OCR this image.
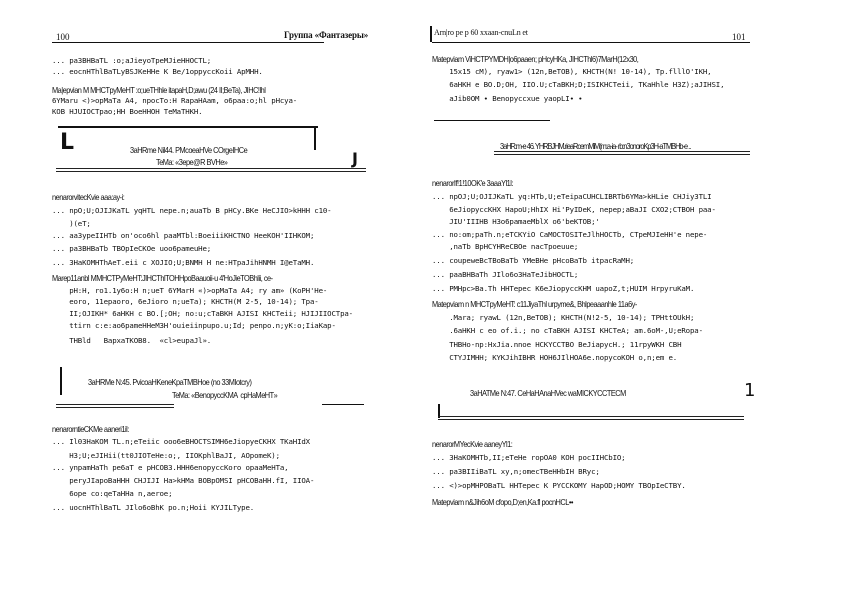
100	Группа «Фантазеры»
... pa3BHBaTL :o;aJieyoTpeMJieHHOCTL;
... eocnHThlBaTLyBSJKeHHe K Be/1oppyccKoii ApMHH.
Ma|epvian M MHCTpyMeHT :o;ueTHhle itapaH,D;awu (24 II;BeTa), JIHC!lhl
6YMaru <)>opMaTa A4, npocTo:H RapaHAam, o6paa:o;hl pHcya-
KOB HJUIOCTpao;HH BoeHHOH TeMaTHKH.
L
J
3aHRme Nil44. PMcoeaHVe COrgeIHCe
TeMa: «3epe@R BVHe»
nenarorvitecKvie aaa:ay-i:
... npO;U;OJIJKaTL yqHTL nepe.n;auaTb B pHCy.BKe HeCJIO>kHHH c10-
)(eT;
... aa3ypeIIHTb on'oco6hl paaMTbl:BoeiiiKHCTNO HeeKOH'IIHKOM;
... pa3BHBaTb TBOpIeCKOe uoo6pameuHe;
... 3HaKOMHThAeT.eii c XOJIO;U;BNMH H ne:HTpaJihHNMH I@eTaMH.
Marep11anbl MMHCTPyMeHT:JIHCThlTOHHpoBaauoii-u 4'HoJieTOBhlii, ce-
pH:H, ro1.1y6o:H n;ueT 6YMarH «)>opMaTa A4; ry am» (KoPH'He-
eoro, 11epaoro, 6eJioro n;ueTa); KHCTH(M 2-5, 10-14); Tpa-
II;OJIKH* 6aHKH c BO.[;OH; no:u;cTaBKH AJISI KHCTeii; HJIJIIOCTpa-
ttirn c:e:ao6pameHHeM3H'ouieiinpupo.u;Id; penpo.n;yK:o;IiaKap-
THBld   BapxaTKOB8.  «cl>eupaJl».
3aHRMe N:45. PvicoaHKeneKpaTMBHoe (no 33MIotcry)
TeMa: «BenopyccKMA  cpHaMeHT»
nenarorntieCKMe aaneri1il:
... Il03HaKOM TL.n;eTeiic ooo6eBHOCTSIMH6eJiopyeCKHX TKaHIdX
H3;U;eJIHii(tt0JIOTeHe:o;, IIOKphlBaJI, AOpomeK);
... ynpamHaTh pe6aT e pHCOB3.HHH6enopyccKoro opaaMeHTa,
peryJIapoBaHHH CHJIJI Ha>kHMa BOBpOMSI pHCOBaHH.fI, IIOA-
6ope co:qeTaHHa n,aeroe;
... uocnHThlBaTL JIlo6oBhK po.n;Hoii KYJILType.
Arn|ro pe p 60 xxaan-cnuLn et	101
Matepviam ViHCTPYMDH|o6paaen; pHcyHKa, JIHCThl6)7MarH(12x30,
15x15 cM), ryaw1> (12n,BeTOB), KHCTH(N! 10-14), Tp.flllO'IKH,
6aHKH e BO.D;OH, IIO.U;cTaBKH;D;ISIKHCTeii, TKaHhle H3Z);aJIHSI,
aJib0OM • Benopyccxue yaopLI• •
3aHR:m-e 46. YHRBJHM.rieaRcemMiM(m:a-ia- rb:n3onoroKp3H-aTMBHb-e ..
nenarorIf!1!10OK'e 3aaaYl1l:
... npOJ;U;OJIJKaTL yq:HTb,U;eTeipaCUHCLIBRTb6YMa>kHLie CHJiy3TLI
6eJiopyccKHX HapoU;HhIX Hi'PyIDeK, nepep;aBaJI CXO2;CTBOH paa-
JIU'IIIHB H3o6pamaeMblX o6'beKTOB;'
... no:om;paTh.n;eTCKYiO CaMOCTOSITeJlhHOCTb, CTpeMJIeHH'e nepe-
,naTb BpHCYHReCBOe nacTpoeuue;
... coupeweBcTBoBaTb YMeBHe pHcoBaTb itpacRaMH;
... paaBHBaTh JIlo6o3HaTeJibHOCTL;
... PMHpc>Ba.Th HHTepec K6eJiopyccKHM uapoZ,t;HUIM HrpyruKaM.
Matepviam n MHCTpyMeHT: c11JiyaThl urpyme&, Bhlpeaaanhle 11a6y-
.Mara; ryawL (12n,BeTOB); KHCTH(N!2-5, 10-14); TPHttOUkH;
.6aHKH c eo of.i.; no cTaBKH AJISI KHCTeA; am.6oM-,U;eRopa-
THBHo-np:HxJia.nnoe HCKYCCTBO BeJiapycH.; 11rpyWKH CBH
CTYJIMHH; KYKJihIBHR HOH6JIlHOA6e.nopycoKOH o,n;em e.
3aHATMe N:47. CeHaHAnaHVec waMICKYCCTECM	1
nenarorMYecKvie aaneyYl1:
... 3HaKOMHTb,II;eTeHe ropOA0 KOH pocIIHCbIO;
... pa3BIIiBaTL xy,n;omecTBeHHbIH BRyc;
... <)>opMHPOBaTL HHTepec K PYCCKOMY HapOD;HOMY TBOpIeCTBY.
Matepviam n&Jih6oM cfopo,D;en,Ka.fl pocnHCL••
